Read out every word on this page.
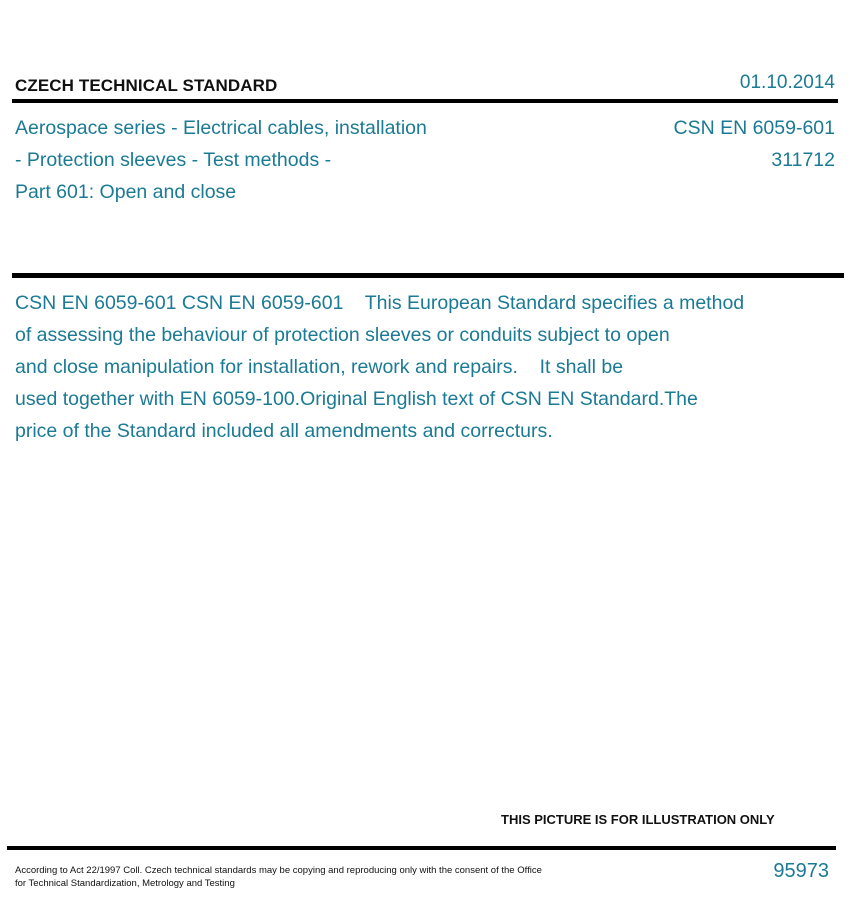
CZECH TECHNICAL STANDARD	01.10.2014
Aerospace series - Electrical cables, installation
- Protection sleeves - Test methods -
Part 601: Open and close
CSN EN 6059-601
311712
CSN EN 6059-601 CSN EN 6059-601    This European Standard specifies a method
of assessing the behaviour of protection sleeves or conduits subject to open
and close manipulation for installation, rework and repairs.    It shall be
used together with EN 6059-100.Original English text of CSN EN Standard.The
price of the Standard included all amendments and correcturs.
THIS PICTURE IS FOR ILLUSTRATION ONLY
According to Act 22/1997 Coll. Czech technical standards may be copying and reproducing only with the consent of the Office
for Technical Standardization, Metrology and Testing
95973
